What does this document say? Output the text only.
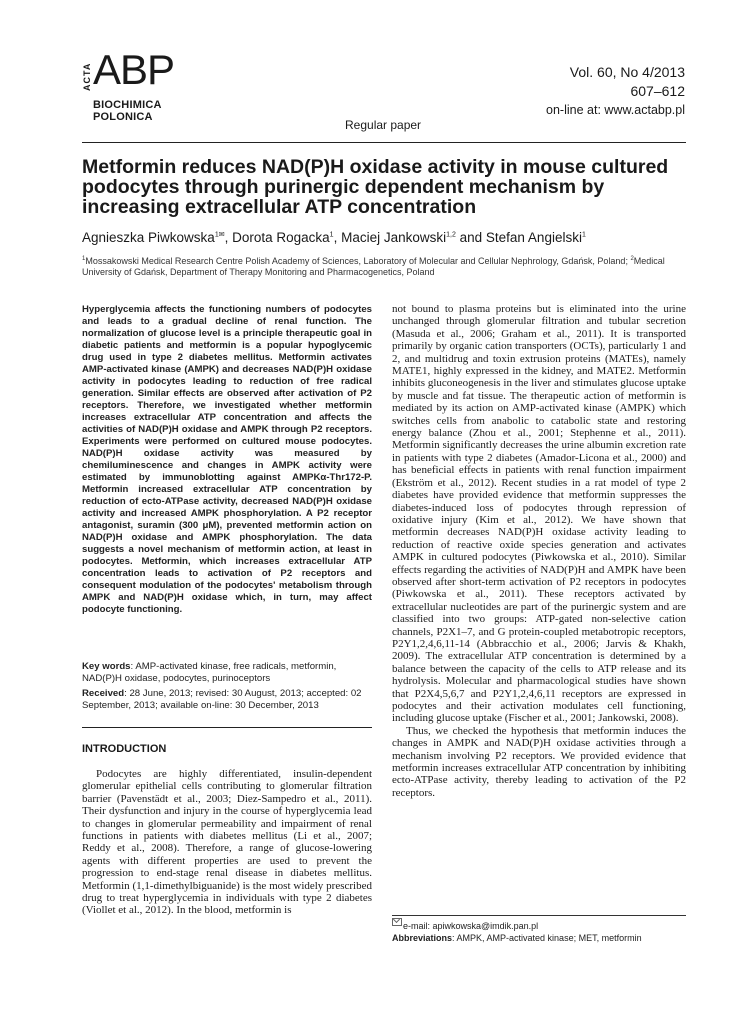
ACTA ABP
BIOCHIMICA
POLONICA
Vol. 60, No 4/2013
607–612
on-line at: www.actabp.pl
Regular paper
Metformin reduces NAD(P)H oxidase activity in mouse cultured podocytes through purinergic dependent mechanism by increasing extracellular ATP concentration
Agnieszka Piwkowska$^{1✉}$, Dorota Rogacka$^1$, Maciej Jankowski$^{1,2}$ and Stefan Angielski$^1$
$^1$Mossakowski Medical Research Centre Polish Academy of Sciences, Laboratory of Molecular and Cellular Nephrology, Gdańsk, Poland; $^2$Medical University of Gdańsk, Department of Therapy Monitoring and Pharmacogenetics, Poland
Hyperglycemia affects the functioning numbers of podocytes and leads to a gradual decline of renal function. The normalization of glucose level is a principle therapeutic goal in diabetic patients and metformin is a popular hypoglycemic drug used in type 2 diabetes mellitus. Metformin activates AMP-activated kinase (AMPK) and decreases NAD(P)H oxidase activity in podocytes leading to reduction of free radical generation. Similar effects are observed after activation of P2 receptors. Therefore, we investigated whether metformin increases extracellular ATP concentration and affects the activities of NAD(P)H oxidase and AMPK through P2 receptors. Experiments were performed on cultured mouse podocytes. NAD(P)H oxidase activity was measured by chemiluminescence and changes in AMPK activity were estimated by immunoblotting against AMPKα-Thr172-P. Metformin increased extracellular ATP concentration by reduction of ecto-ATPase activity, decreased NAD(P)H oxidase activity and increased AMPK phosphorylation. A P2 receptor antagonist, suramin (300 μM), prevented metformin action on NAD(P)H oxidase and AMPK phosphorylation. The data suggests a novel mechanism of metformin action, at least in podocytes. Metformin, which increases extracellular ATP concentration leads to activation of P2 receptors and consequent modulation of the podocytes' metabolism through AMPK and NAD(P)H oxidase which, in turn, may affect podocyte functioning.
Key words: AMP-activated kinase, free radicals, metformin, NAD(P)H oxidase, podocytes, purinoceptors
Received: 28 June, 2013; revised: 30 August, 2013; accepted: 02 September, 2013; available on-line: 30 December, 2013
INTRODUCTION
Podocytes are highly differentiated, insulin-dependent glomerular epithelial cells contributing to glomerular filtration barrier (Pavenstädt et al., 2003; Diez-Sampedro et al., 2011). Their dysfunction and injury in the course of hyperglycemia lead to changes in glomerular permeability and impairment of renal functions in patients with diabetes mellitus (Li et al., 2007; Reddy et al., 2008). Therefore, a range of glucose-lowering agents with different properties are used to prevent the progression to end-stage renal disease in diabetes mellitus. Metformin (1,1-dimethylbiguanide) is the most widely prescribed drug to treat hyperglycemia in individuals with type 2 diabetes (Viollet et al., 2012). In the blood, metformin is

not bound to plasma proteins but is eliminated into the urine unchanged through glomerular filtration and tubular secretion (Masuda et al., 2006; Graham et al., 2011). It is transported primarily by organic cation transporters (OCTs), particularly 1 and 2, and multidrug and toxin extrusion proteins (MATEs), namely MATE1, highly expressed in the kidney, and MATE2. Metformin inhibits gluconeogenesis in the liver and stimulates glucose uptake by muscle and fat tissue. The therapeutic action of metformin is mediated by its action on AMP-activated kinase (AMPK) which switches cells from anabolic to catabolic state and restoring energy balance (Zhou et al., 2001; Stephenne et al., 2011). Metformin significantly decreases the urine albumin excretion rate in patients with type 2 diabetes (Amador-Licona et al., 2000) and has beneficial effects in patients with renal function impairment (Ekström et al., 2012). Recent studies in a rat model of type 2 diabetes have provided evidence that metformin suppresses the diabetes-induced loss of podocytes through repression of oxidative injury (Kim et al., 2012). We have shown that metformin decreases NAD(P)H oxidase activity leading to reduction of reactive oxide species generation and activates AMPK in cultured podocytes (Piwkowska et al., 2010). Similar effects regarding the activities of NAD(P)H and AMPK have been observed after short-term activation of P2 receptors in podocytes (Piwkowska et al., 2011). These receptors activated by extracellular nucleotides are part of the purinergic system and are classified into two groups: ATP-gated non-selective cation channels, P2X1–7, and G protein-coupled metabotropic receptors, P2Y1,2,4,6,11-14 (Abbracchio et al., 2006; Jarvis & Khakh, 2009). The extracellular ATP concentration is determined by a balance between the capacity of the cells to ATP release and its hydrolysis. Molecular and pharmacological studies have shown that P2X4,5,6,7 and P2Y1,2,4,6,11 receptors are expressed in podocytes and their activation modulates cell functioning, including glucose uptake (Fischer et al., 2001; Jankowski, 2008).

Thus, we checked the hypothesis that metformin induces the changes in AMPK and NAD(P)H oxidase activities through a mechanism involving P2 receptors. We provided evidence that metformin increases extracellular ATP concentration by inhibiting ecto-ATPase activity, thereby leading to activation of the P2 receptors.

e-mail: apiwkowska@imdik.pan.pl
Abbreviations: AMPK, AMP-activated kinase; MET, metformin
